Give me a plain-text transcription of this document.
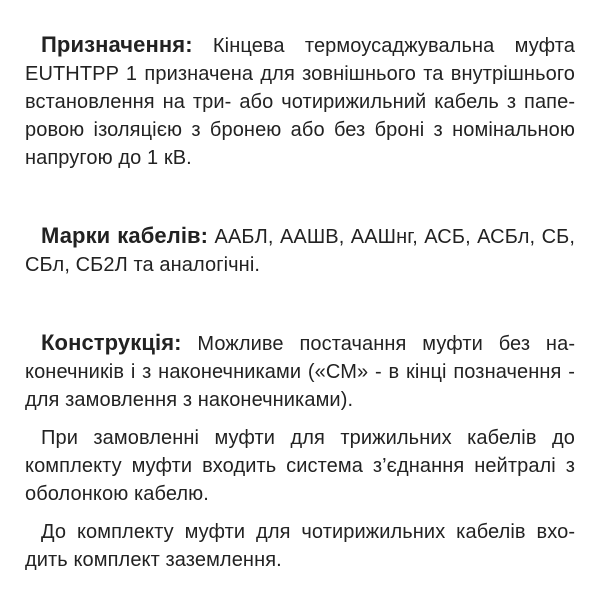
Призначення: Кінцева термоусаджувальна муфта EUTHTPP 1 призначена для зовнішнього та внутрішнього встановлення на три- або чотирижильний кабель з паперовою ізоляцією з бронею або без броні з номінальною напругою до 1 кВ.

Марки кабелів: ААБЛ, ААШВ, ААШнг, АСБ, АСБл, СБ, СБл, СБ2Л та аналогічні.

Конструкція: Можливе постачання муфти без наконечників і з наконечниками («СМ» - в кінці позначення - для замовлення з наконечниками).

При замовленні муфти для трижильних кабелів до комплекту муфти входить система з’єднання нейтралі з оболонкою кабелю.

До комплекту муфти для чотирижильних кабелів входить комплект заземлення.
